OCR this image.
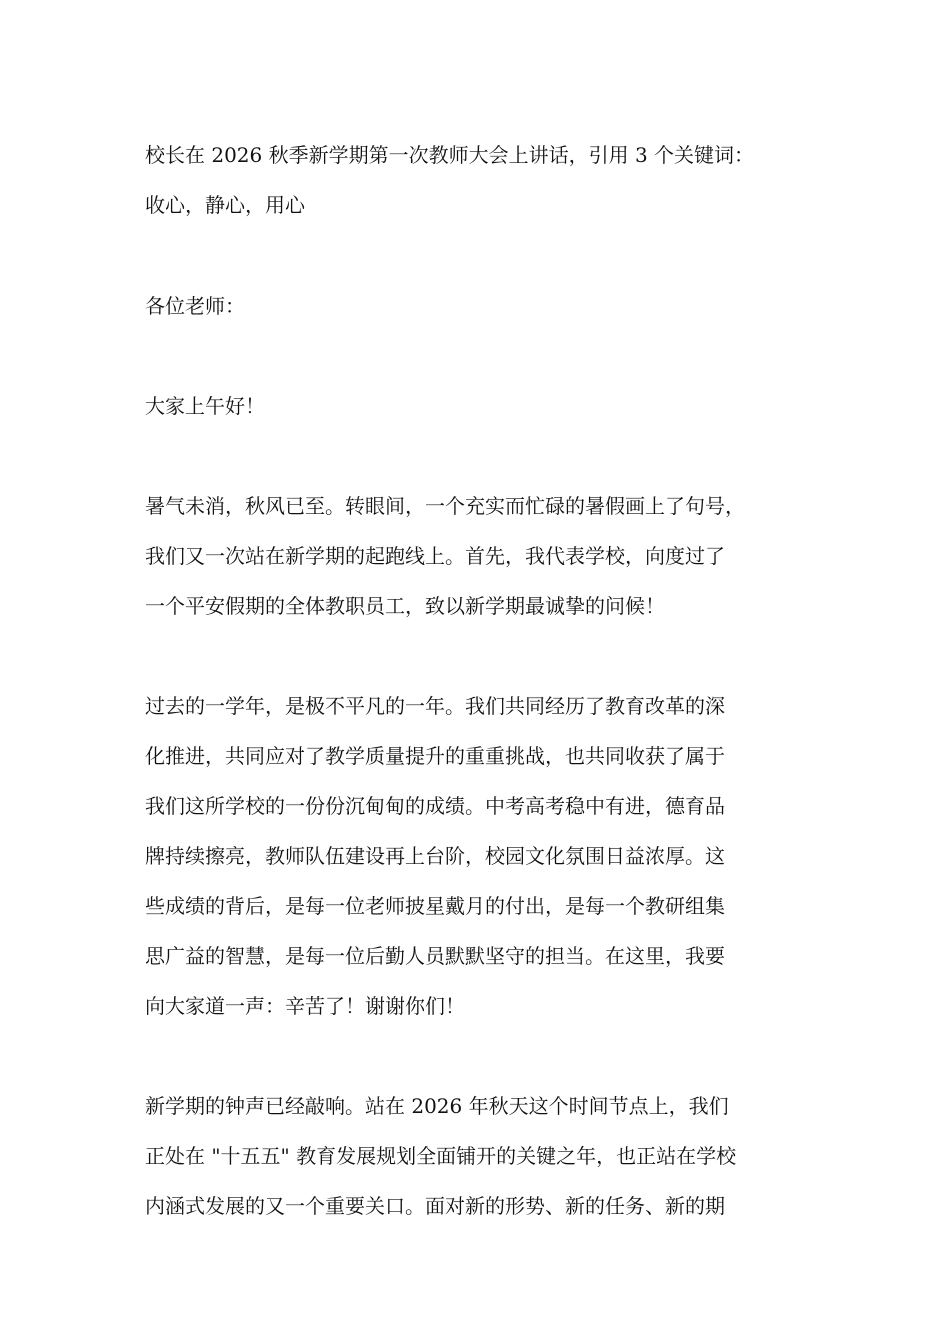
校长在 2026 秋季新学期第一次教师大会上讲话，引用 3 个关键词：
收心，静心，用心

各位老师：

大家上午好！

暑气未消，秋风已至。转眼间，一个充实而忙碌的暑假画上了句号，
我们又一次站在新学期的起跑线上。首先，我代表学校，向度过了
一个平安假期的全体教职员工，致以新学期最诚挚的问候！

过去的一学年，是极不平凡的一年。我们共同经历了教育改革的深
化推进，共同应对了教学质量提升的重重挑战，也共同收获了属于
我们这所学校的一份份沉甸甸的成绩。中考高考稳中有进，德育品
牌持续擦亮，教师队伍建设再上台阶，校园文化氛围日益浓厚。这
些成绩的背后，是每一位老师披星戴月的付出，是每一个教研组集
思广益的智慧，是每一位后勤人员默默坚守的担当。在这里，我要
向大家道一声：辛苦了！谢谢你们！

新学期的钟声已经敲响。站在 2026 年秋天这个时间节点上，我们
正处在 "十五五" 教育发展规划全面铺开的关键之年，也正站在学校
内涵式发展的又一个重要关口。面对新的形势、新的任务、新的期
